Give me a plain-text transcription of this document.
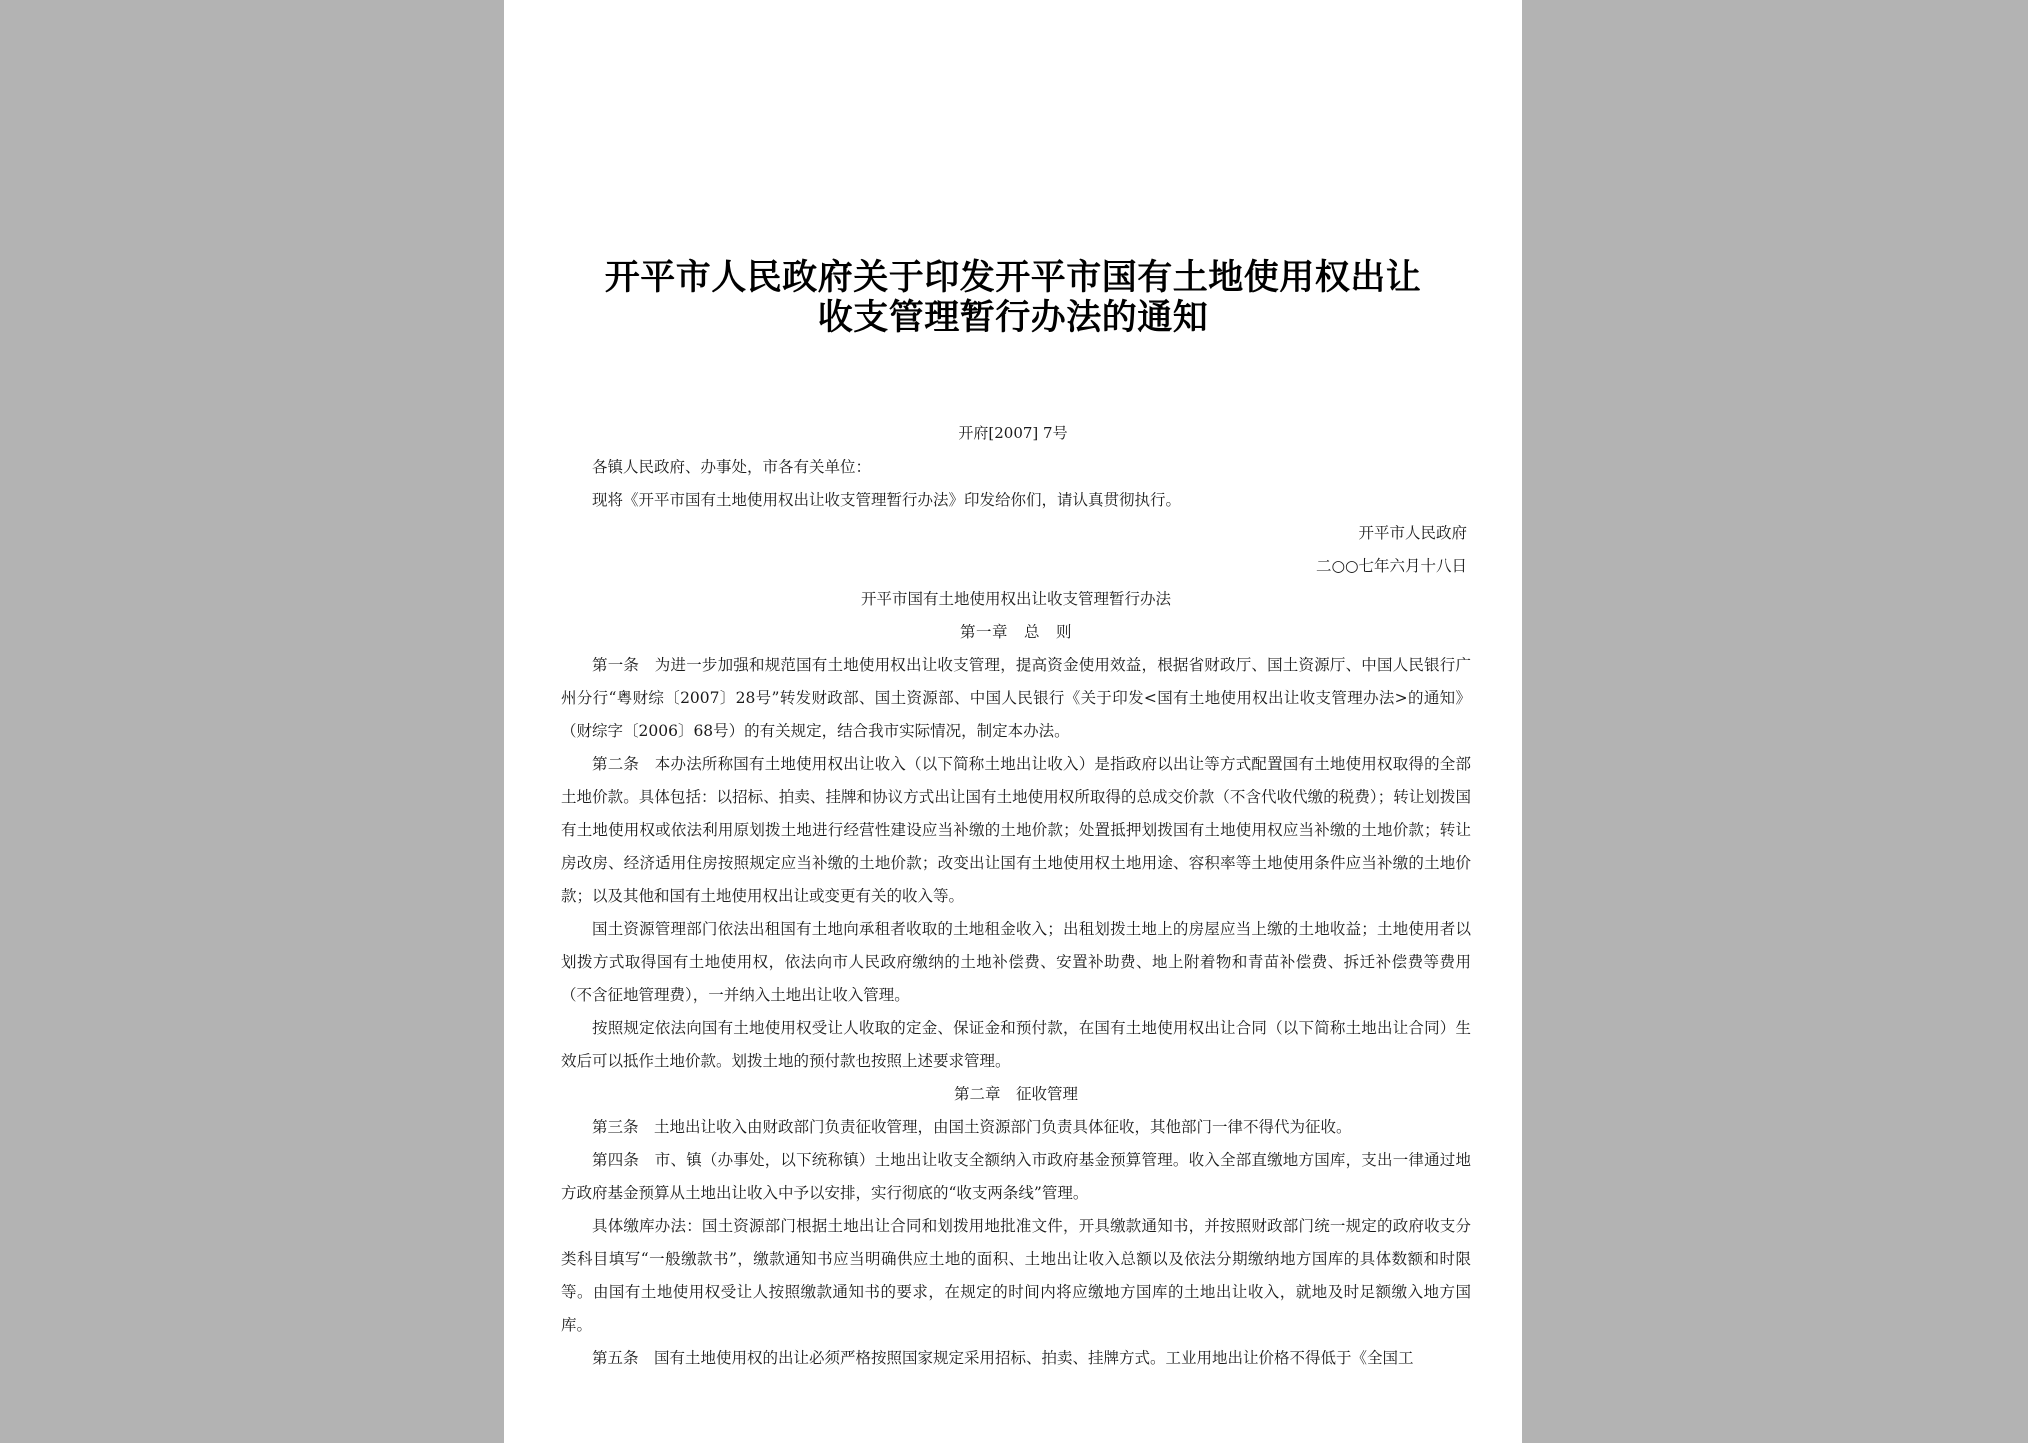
开平市人民政府关于印发开平市国有土地使用权出让
收支管理暂行办法的通知
开府[2007] 7号

各镇人民政府、办事处，市各有关单位：

现将《开平市国有土地使用权出让收支管理暂行办法》印发给你们，请认真贯彻执行。

开平市人民政府

二○○七年六月十八日

开平市国有土地使用权出让收支管理暂行办法

第一章　总　则

第一条　为进一步加强和规范国有土地使用权出让收支管理，提高资金使用效益，根据省财政厅、国土资源厅、中国人民银行广州分行“粤财综〔2007〕28号”转发财政部、国土资源部、中国人民银行《关于印发<国有土地使用权出让收支管理办法>的通知》（财综字〔2006〕68号）的有关规定，结合我市实际情况，制定本办法。

第二条　本办法所称国有土地使用权出让收入（以下简称土地出让收入）是指政府以出让等方式配置国有土地使用权取得的全部土地价款。具体包括：以招标、拍卖、挂牌和协议方式出让国有土地使用权所取得的总成交价款（不含代收代缴的税费）；转让划拨国有土地使用权或依法利用原划拨土地进行经营性建设应当补缴的土地价款；处置抵押划拨国有土地使用权应当补缴的土地价款；转让房改房、经济适用住房按照规定应当补缴的土地价款；改变出让国有土地使用权土地用途、容积率等土地使用条件应当补缴的土地价款；以及其他和国有土地使用权出让或变更有关的收入等。

国土资源管理部门依法出租国有土地向承租者收取的土地租金收入；出租划拨土地上的房屋应当上缴的土地收益；土地使用者以划拨方式取得国有土地使用权，依法向市人民政府缴纳的土地补偿费、安置补助费、地上附着物和青苗补偿费、拆迁补偿费等费用（不含征地管理费），一并纳入土地出让收入管理。

按照规定依法向国有土地使用权受让人收取的定金、保证金和预付款，在国有土地使用权出让合同（以下简称土地出让合同）生效后可以抵作土地价款。划拨土地的预付款也按照上述要求管理。

第二章　征收管理

第三条　土地出让收入由财政部门负责征收管理，由国土资源部门负责具体征收，其他部门一律不得代为征收。

第四条　市、镇（办事处，以下统称镇）土地出让收支全额纳入市政府基金预算管理。收入全部直缴地方国库，支出一律通过地方政府基金预算从土地出让收入中予以安排，实行彻底的“收支两条线”管理。

具体缴库办法：国土资源部门根据土地出让合同和划拨用地批准文件，开具缴款通知书，并按照财政部门统一规定的政府收支分类科目填写“一般缴款书”，缴款通知书应当明确供应土地的面积、土地出让收入总额以及依法分期缴纳地方国库的具体数额和时限等。由国有土地使用权受让人按照缴款通知书的要求，在规定的时间内将应缴地方国库的土地出让收入，就地及时足额缴入地方国库。

第五条　国有土地使用权的出让必须严格按照国家规定采用招标、拍卖、挂牌方式。工业用地出让价格不得低于《全国工
